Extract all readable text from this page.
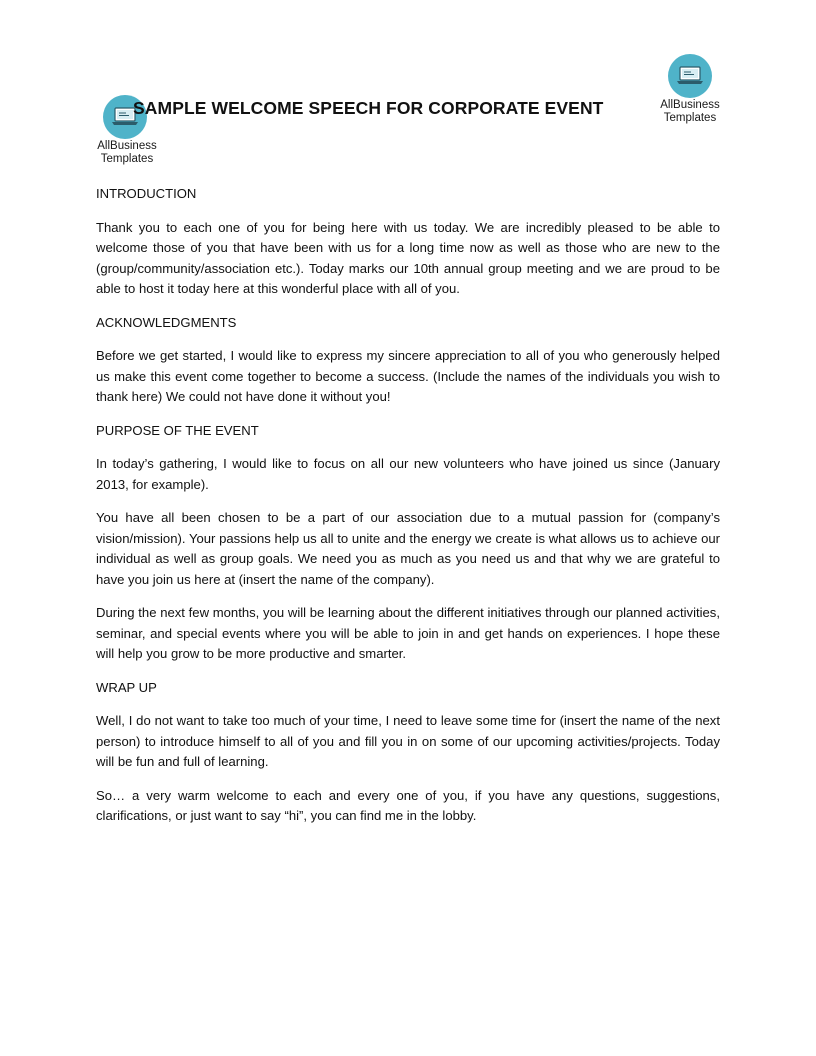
AllBusiness
Templates
AllBusiness
Templates
SAMPLE WELCOME SPEECH FOR CORPORATE EVENT

INTRODUCTION

Thank you to each one of you for being here with us today. We are incredibly pleased to be able to welcome those of you that have been with us for a long time now as well as those who are new to the (group/community/association etc.). Today marks our 10th annual group meeting and we are proud to be able to host it today here at this wonderful place with all of you.

ACKNOWLEDGMENTS

Before we get started, I would like to express my sincere appreciation to all of you who generously helped us make this event come together to become a success. (Include the names of the individuals you wish to thank here) We could not have done it without you!

PURPOSE OF THE EVENT

In today’s gathering, I would like to focus on all our new volunteers who have joined us since (January 2013, for example).

You have all been chosen to be a part of our association due to a mutual passion for (company’s vision/mission). Your passions help us all to unite and the energy we create is what allows us to achieve our individual as well as group goals. We need you as much as you need us and that why we are grateful to have you join us here at (insert the name of the company).

During the next few months, you will be learning about the different initiatives through our planned activities, seminar, and special events where you will be able to join in and get hands on experiences. I hope these will help you grow to be more productive and smarter.

WRAP UP

Well, I do not want to take too much of your time, I need to leave some time for (insert the name of the next person) to introduce himself to all of you and fill you in on some of our upcoming activities/projects. Today will be fun and full of learning.

So… a very warm welcome to each and every one of you, if you have any questions, suggestions, clarifications, or just want to say “hi”, you can find me in the lobby.
